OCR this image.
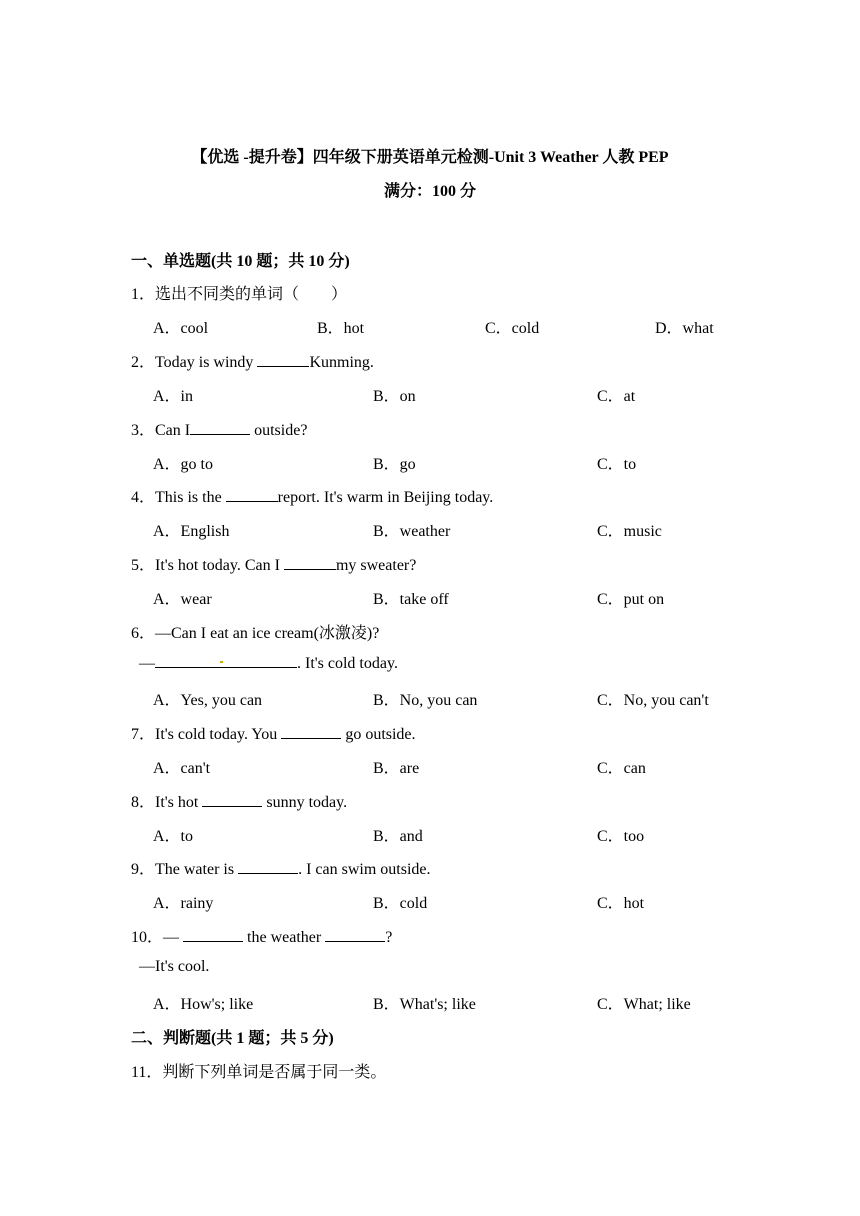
【优选 -提升卷】四年级下册英语单元检测-Unit 3 Weather 人教 PEP
满分：100 分
一、单选题(共 10 题；共 10 分)
1．选出不同类的单词（　　）
A．cool	B．hot	C．cold	D．what
2．Today is windy	Kunming.
A．in	B．on	C．at
3．Can I	outside?
A．go to	B．go	C．to
4．This is the	report. It's warm in Beijing today.
A．English	B．weather	C．music
5．It's hot today. Can I	my sweater?
A．wear	B．take off	C．put on
6．—Can I eat an ice cream(冰激凌)?
—	. It's cold today.
A．Yes, you can	B．No, you can	C．No, you can't
7．It's cold today. You	go outside.
A．can't	B．are	C．can
8．It's hot	sunny today.
A．to	B．and	C．too
9．The water is	. I can swim outside.
A．rainy	B．cold	C．hot
10．—	the weather	?
—It's cool.
A．How's; like	B．What's; like	C．What; like
二、判断题(共 1 题；共 5 分)
11．判断下列单词是否属于同一类。
